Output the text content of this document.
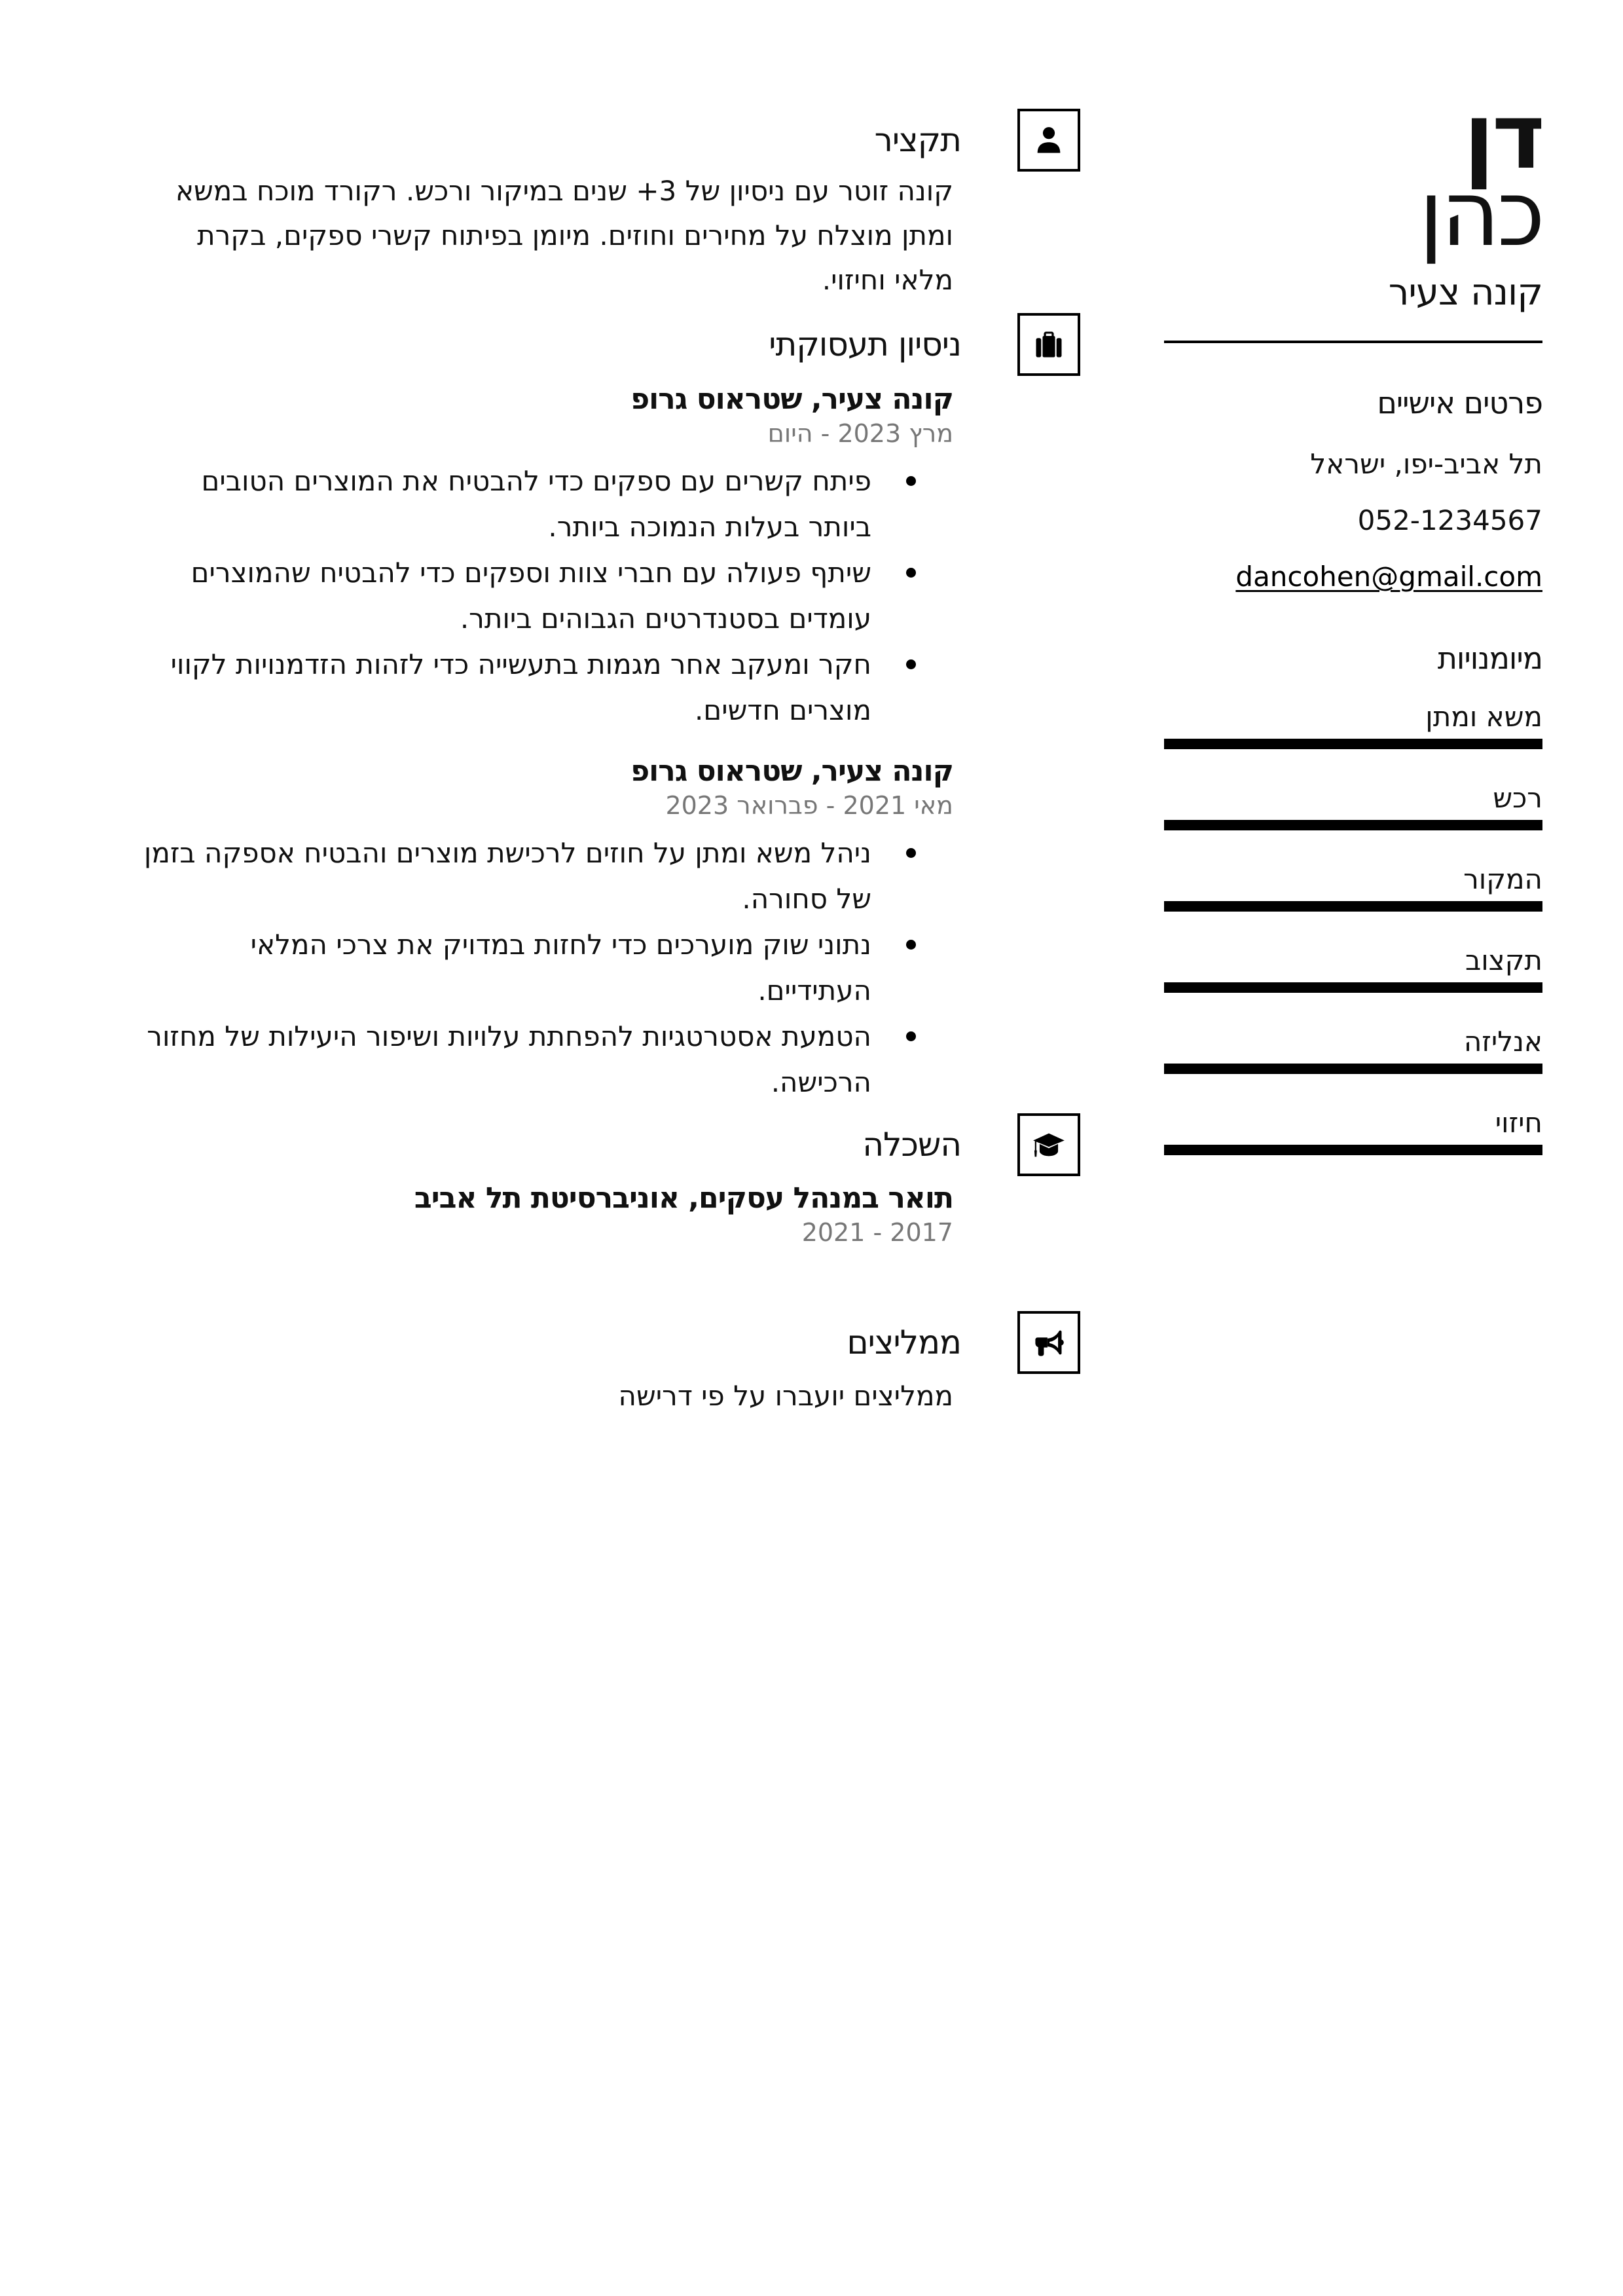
דן
כהן
קונה צעיר
פרטים אישיים
תל אביב-יפו, ישראל
052-1234567
dancohen@gmail.com
מיומנויות
משא ומתן
רכש
המקור
תקצוב
אנליזה
חיזוי
תקציר

קונה זוטר עם ניסיון של 3+ שנים במיקור ורכש. רקורד מוכח במשא ומתן מוצלח על מחירים וחוזים. מיומן בפיתוח קשרי ספקים, בקרת מלאי וחיזוי.

ניסיון תעסוקתי
קונה צעיר, שטראוס גרופ
מרץ 2023 - היום
פיתח קשרים עם ספקים כדי להבטיח את המוצרים הטובים ביותר בעלות הנמוכה ביותר.
שיתף פעולה עם חברי צוות וספקים כדי להבטיח שהמוצרים עומדים בסטנדרטים הגבוהים ביותר.
חקר ומעקב אחר מגמות בתעשייה כדי לזהות הזדמנויות לקווי מוצרים חדשים.
קונה צעיר, שטראוס גרופ
מאי 2021 - פברואר 2023
ניהל משא ומתן על חוזים לרכישת מוצרים והבטיח אספקה בזמן של סחורה.
נתוני שוק מוערכים כדי לחזות במדויק את צרכי המלאי העתידיים.
הטמעת אסטרטגיות להפחתת עלויות ושיפור היעילות של מחזור הרכישה.
השכלה
תואר במנהל עסקים, אוניברסיטת תל אביב
2017 - 2021
ממליצים

ממליצים יועברו על פי דרישה
